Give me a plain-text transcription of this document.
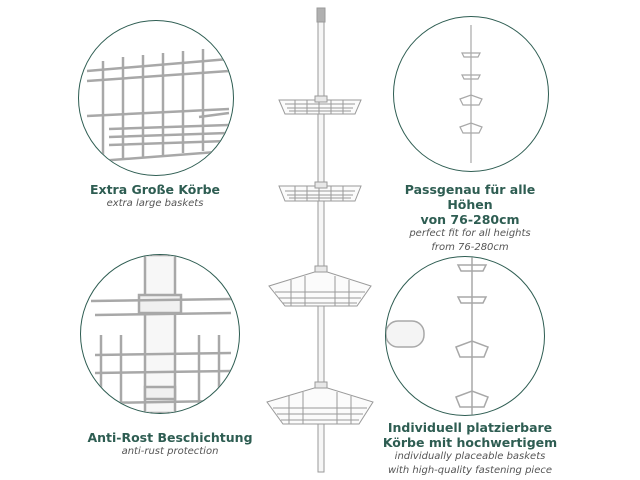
Extra Große Körbe
extra large baskets
Passgenau für alle Höhen
von 76-280cm
perfect fit for all heights
from 76-280cm
Anti-Rost Beschichtung
anti-rust protection
Individuell platzierbare
Körbe mit hochwertigem
individually placeable baskets
with high-quality fastening piece
